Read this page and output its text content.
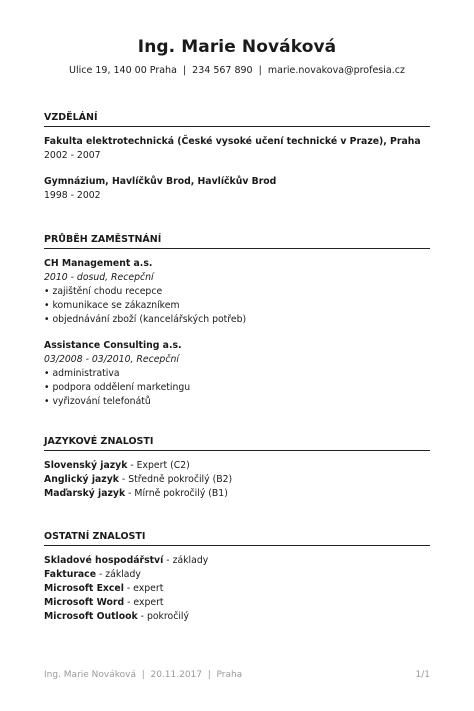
Ing. Marie Nováková
Ulice 19, 140 00 Praha  |  234 567 890  |  marie.novakova@profesia.cz
VZDĚLÁNÍ
Fakulta elektrotechnická (České vysoké učení technické v Praze), Praha
2002 - 2007
Gymnázium, Havlíčkův Brod, Havlíčkův Brod
1998 - 2002
PRŮBĚH ZAMĚSTNÁNÍ
CH Management a.s.
2010 - dosud, Recepční
• zajištění chodu recepce
• komunikace se zákazníkem
• objednávání zboží (kancelářských potřeb)
Assistance Consulting a.s.
03/2008 - 03/2010, Recepční
• administrativa
• podpora oddělení marketingu
• vyřizování telefonátů
JAZYKOVÉ ZNALOSTI
Slovenský jazyk - Expert (C2)
Anglický jazyk - Středně pokročilý (B2)
Maďarský jazyk - Mírně pokročilý (B1)
OSTATNÍ ZNALOSTI
Skladové hospodářství - základy
Fakturace - základy
Microsoft Excel - expert
Microsoft Word - expert
Microsoft Outlook - pokročilý
Ing. Marie Nováková  |  20.11.2017  |  Praha	1/1
